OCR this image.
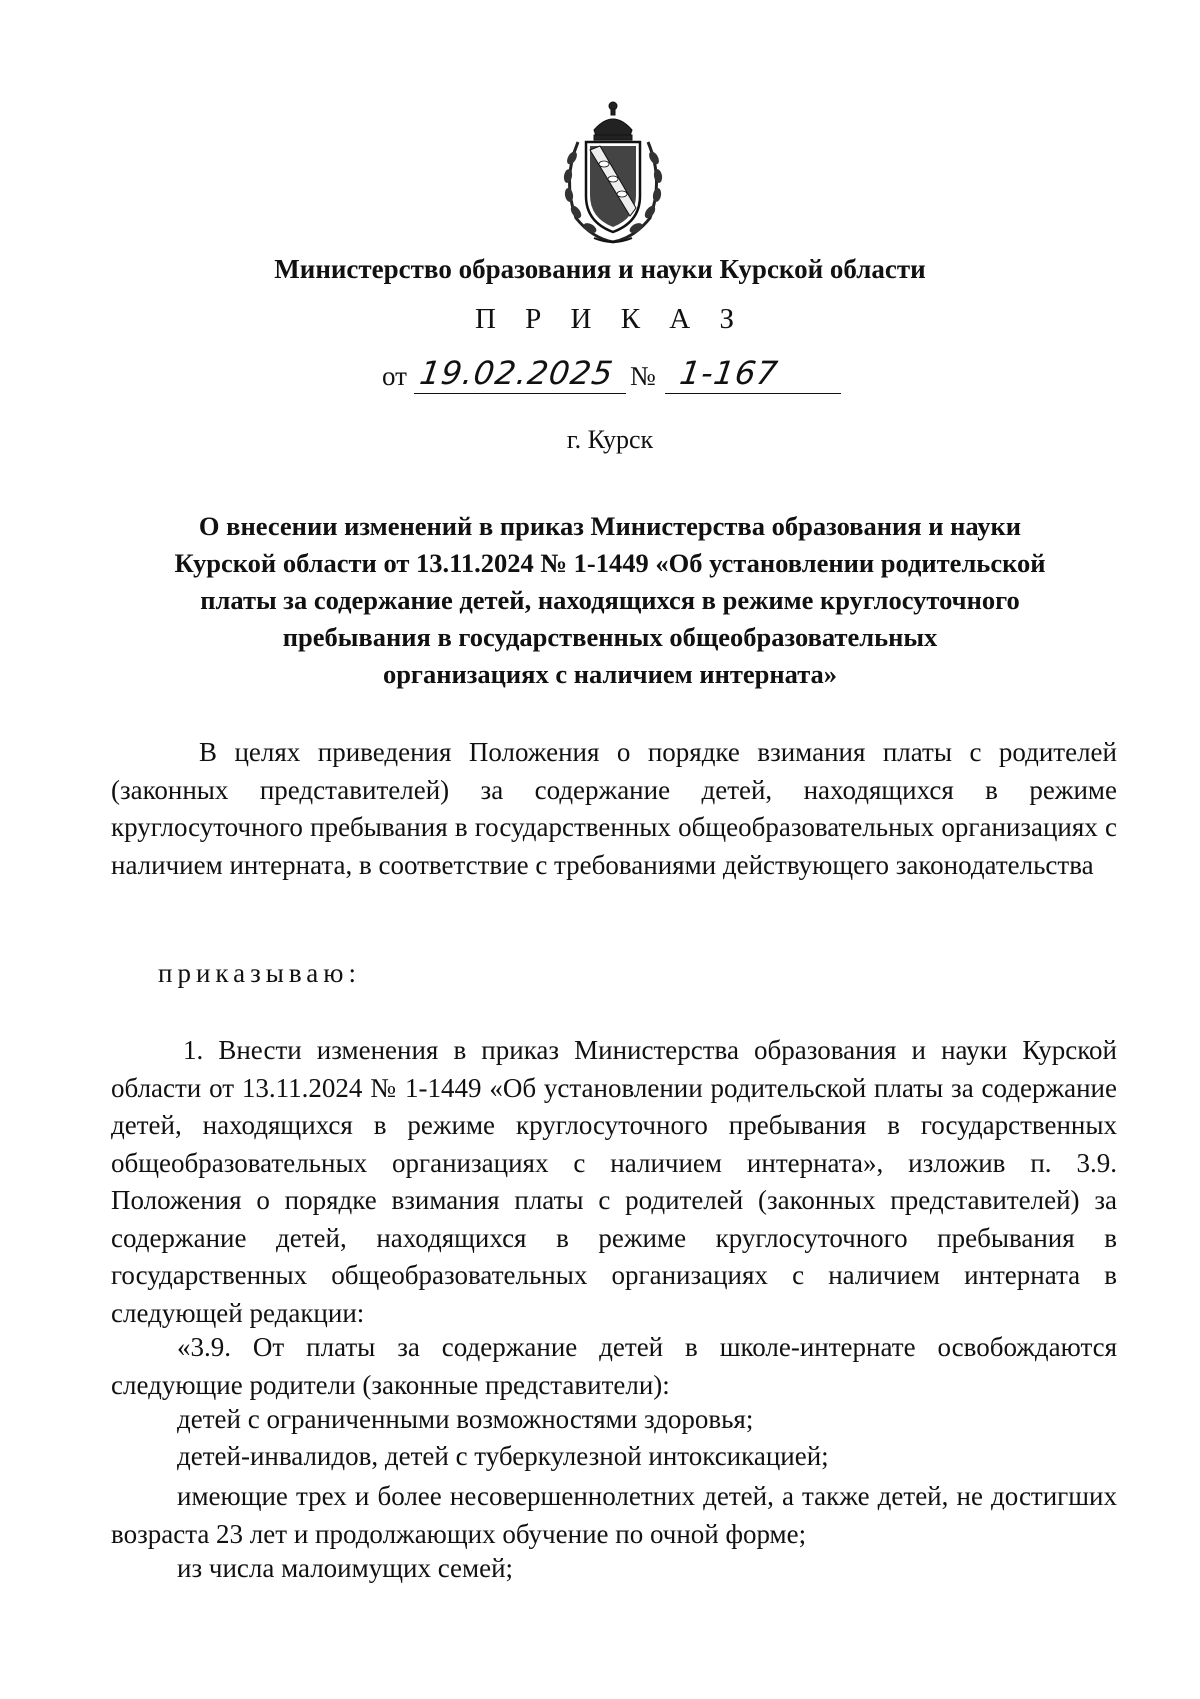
Министерство образования и науки Курской области

П Р И К А З

от 19.02.2025 № 1-167

г. Курск

О внесении изменений в приказ Министерства образования и науки
Курской области от 13.11.2024 № 1-1449 «Об установлении родительской
платы за содержание детей, находящихся в режиме круглосуточного
пребывания в государственных общеобразовательных
организациях с наличием интерната»

В целях приведения Положения о порядке взимания платы с родителей (законных представителей) за содержание детей, находящихся в режиме круглосуточного пребывания в государственных общеобразовательных организациях с наличием интерната, в соответствие с требованиями действующего законодательства

приказываю:

1. Внести изменения в приказ Министерства образования и науки Курской области от 13.11.2024 № 1-1449 «Об установлении родительской платы за содержание детей, находящихся в режиме круглосуточного пребывания в государственных общеобразовательных организациях с наличием интерната», изложив п. 3.9. Положения о порядке взимания платы с родителей (законных представителей) за содержание детей, находящихся в режиме круглосуточного пребывания в государственных общеобразовательных организациях с наличием интерната в следующей редакции:

«3.9. От платы за содержание детей в школе-интернате освобождаются следующие родители (законные представители):

детей с ограниченными возможностями здоровья;

детей-инвалидов, детей с туберкулезной интоксикацией;

имеющие трех и более несовершеннолетних детей, а также детей, не достигших возраста 23 лет и продолжающих обучение по очной форме;

из числа малоимущих семей;
